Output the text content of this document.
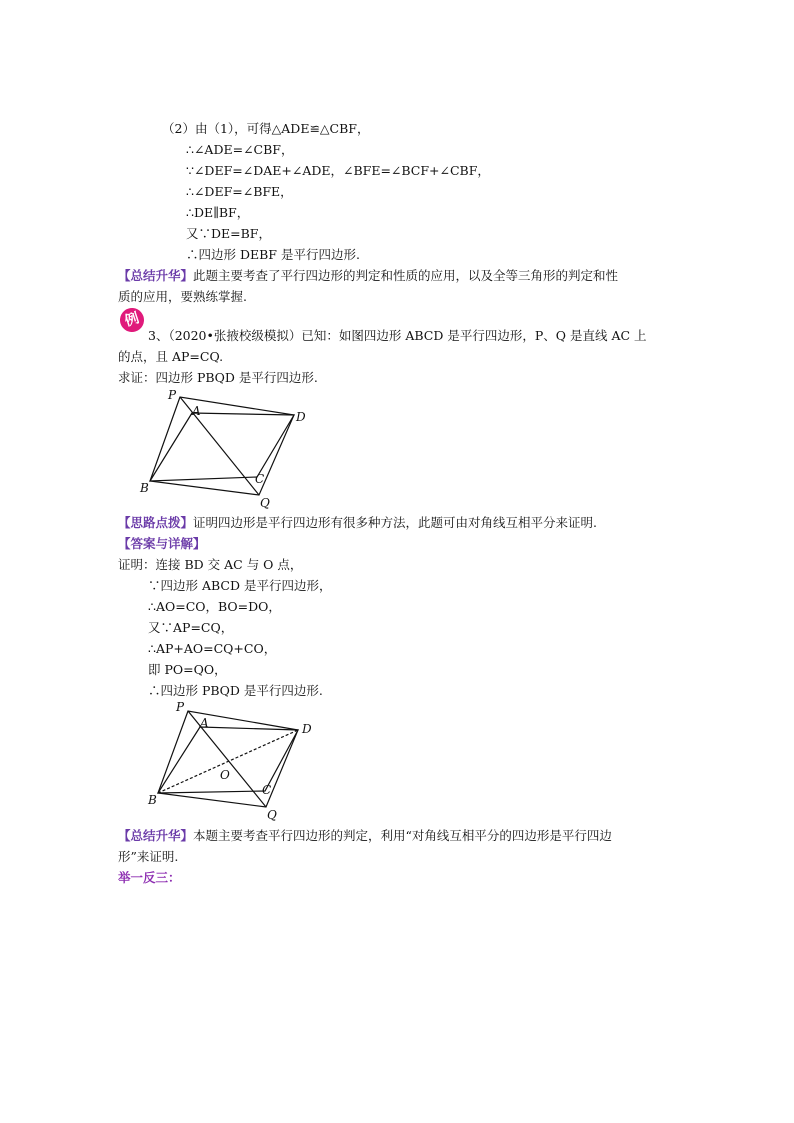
（2）由（1），可得△ADE≌△CBF，
∴∠ADE=∠CBF，
∵∠DEF=∠DAE+∠ADE，∠BFE=∠BCF+∠CBF，
∴∠DEF=∠BFE，
∴DE∥BF，
又∵DE=BF，
∴四边形 DEBF 是平行四边形.
【总结升华】此题主要考查了平行四边形的判定和性质的应用，以及全等三角形的判定和性
质的应用，要熟练掌握.
例
3、（2020•张掖校级模拟）已知：如图四边形 ABCD 是平行四边形，P、Q 是直线 AC 上
的点，且 AP=CQ.
求证：四边形 PBQD 是平行四边形.
P
A	D
B
C
Q
【思路点拨】证明四边形是平行四边形有很多种方法，此题可由对角线互相平分来证明.
【答案与详解】
证明：连接 BD 交 AC 与 O 点，
∵四边形 ABCD 是平行四边形，
∴AO=CO，BO=DO，
又∵AP=CQ，
∴AP+AO=CQ+CO，
即 PO=QO，
∴四边形 PBQD 是平行四边形.
P
A	D
O
B
C
Q
【总结升华】本题主要考查平行四边形的判定，利用“对角线互相平分的四边形是平行四边
形”来证明.
举一反三：
